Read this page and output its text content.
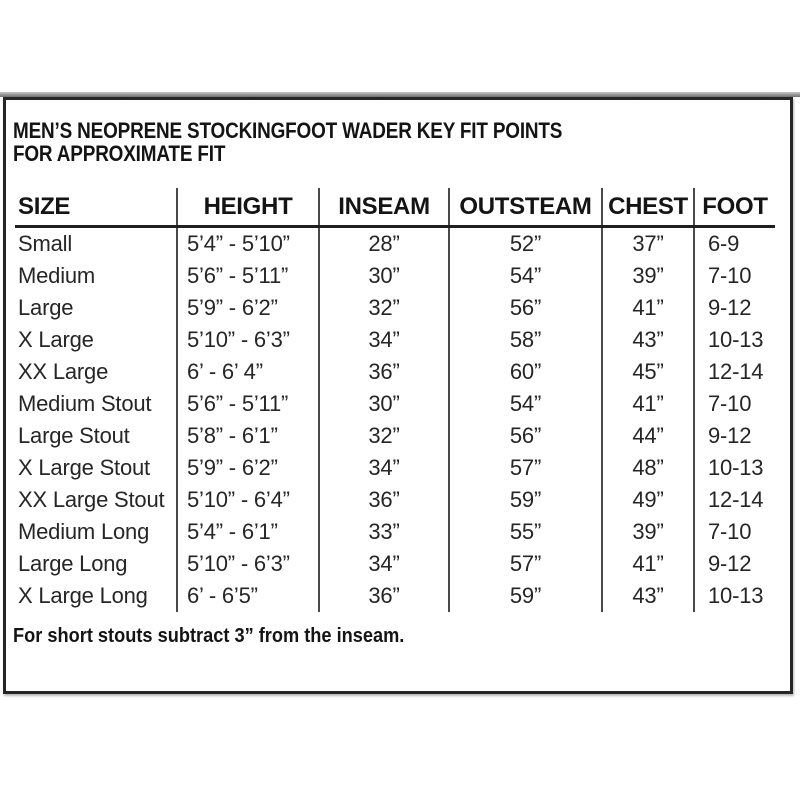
MEN’S NEOPRENE STOCKINGFOOT WADER KEY FIT POINTS
FOR APPROXIMATE FIT
SIZE	HEIGHT	INSEAM	OUTSTEAM	CHEST	FOOT
Small	5’4” - 5’10”	28”	52”	37”	6-9
Medium	5’6” - 5’11”	30”	54”	39”	7-10
Large	5’9” - 6’2”	32”	56”	41”	9-12
X Large	5’10” - 6’3”	34”	58”	43”	10-13
XX Large	6’ - 6’ 4”	36”	60”	45”	12-14
Medium Stout	5’6” - 5’11”	30”	54”	41”	7-10
Large Stout	5’8” - 6’1”	32”	56”	44”	9-12
X Large Stout	5’9” - 6’2”	34”	57”	48”	10-13
XX Large Stout	5’10” - 6’4”	36”	59”	49”	12-14
Medium Long	5’4” - 6’1”	33”	55”	39”	7-10
Large Long	5’10” - 6’3”	34”	57”	41”	9-12
X Large Long	6’ - 6’5”	36”	59”	43”	10-13
For short stouts subtract 3” from the inseam.
